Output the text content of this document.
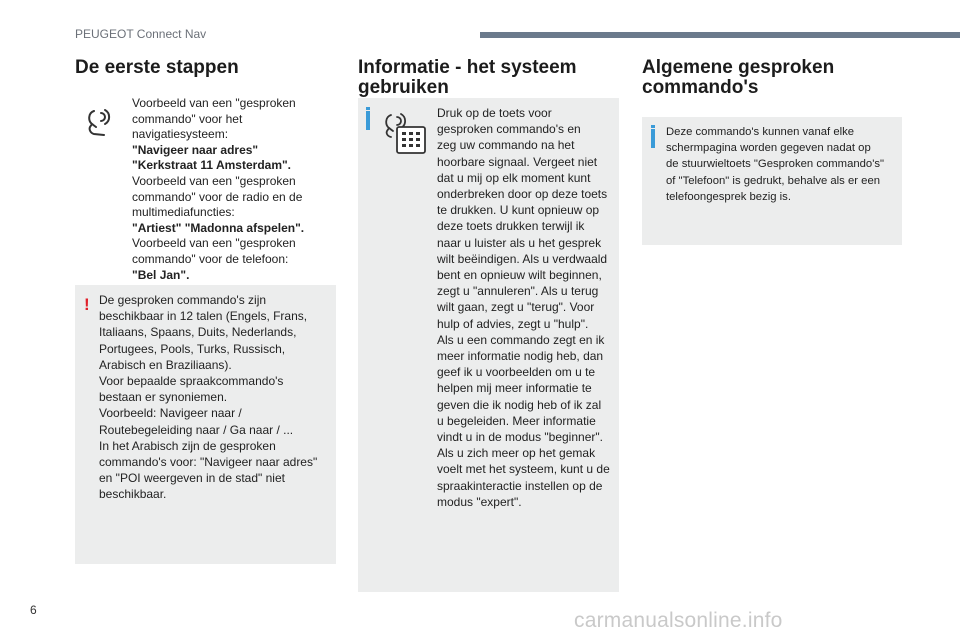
PEUGEOT Connect Nav
De eerste stappen
Voorbeeld van een "gesproken
commando" voor het
navigatiesysteem:
"Navigeer naar adres"
"Kerkstraat 11 Amsterdam".
Voorbeeld van een "gesproken
commando" voor de radio en de
multimediafuncties:
"Artiest" "Madonna afspelen".
Voorbeeld van een "gesproken
commando" voor de telefoon:
"Bel Jan".
! De gesproken commando's zijn
beschikbaar in 12 talen (Engels, Frans,
Italiaans, Spaans, Duits, Nederlands,
Portugees, Pools, Turks, Russisch,
Arabisch en Braziliaans).
Voor bepaalde spraakcommando's
bestaan er synoniemen.
Voorbeeld: Navigeer naar /
Routebegeleiding naar / Ga naar / ...
In het Arabisch zijn de gesproken
commando's voor: "Navigeer naar adres"
en "POI weergeven in de stad" niet
beschikbaar.
Informatie - het systeem
gebruiken
Druk op de toets voor
gesproken commando's en
zeg uw commando na het
hoorbare signaal. Vergeet niet
dat u mij op elk moment kunt
onderbreken door op deze toets
te drukken. U kunt opnieuw op
deze toets drukken terwijl ik
naar u luister als u het gesprek
wilt beëindigen. Als u verdwaald
bent en opnieuw wilt beginnen,
zegt u "annuleren". Als u terug
wilt gaan, zegt u "terug". Voor
hulp of advies, zegt u "hulp".
Als u een commando zegt en ik
meer informatie nodig heb, dan
geef ik u voorbeelden om u te
helpen mij meer informatie te
geven die ik nodig heb of ik zal
u begeleiden. Meer informatie
vindt u in de modus "beginner".
Als u zich meer op het gemak
voelt met het systeem, kunt u de
spraakinteractie instellen op de
modus "expert".
Algemene gesproken
commando's
Deze commando's kunnen vanaf elke
schermpagina worden gegeven nadat op
de stuurwieltoets "Gesproken commando's"
of "Telefoon" is gedrukt, behalve als er een
telefoongesprek bezig is.
6	carmanualsonline.info
